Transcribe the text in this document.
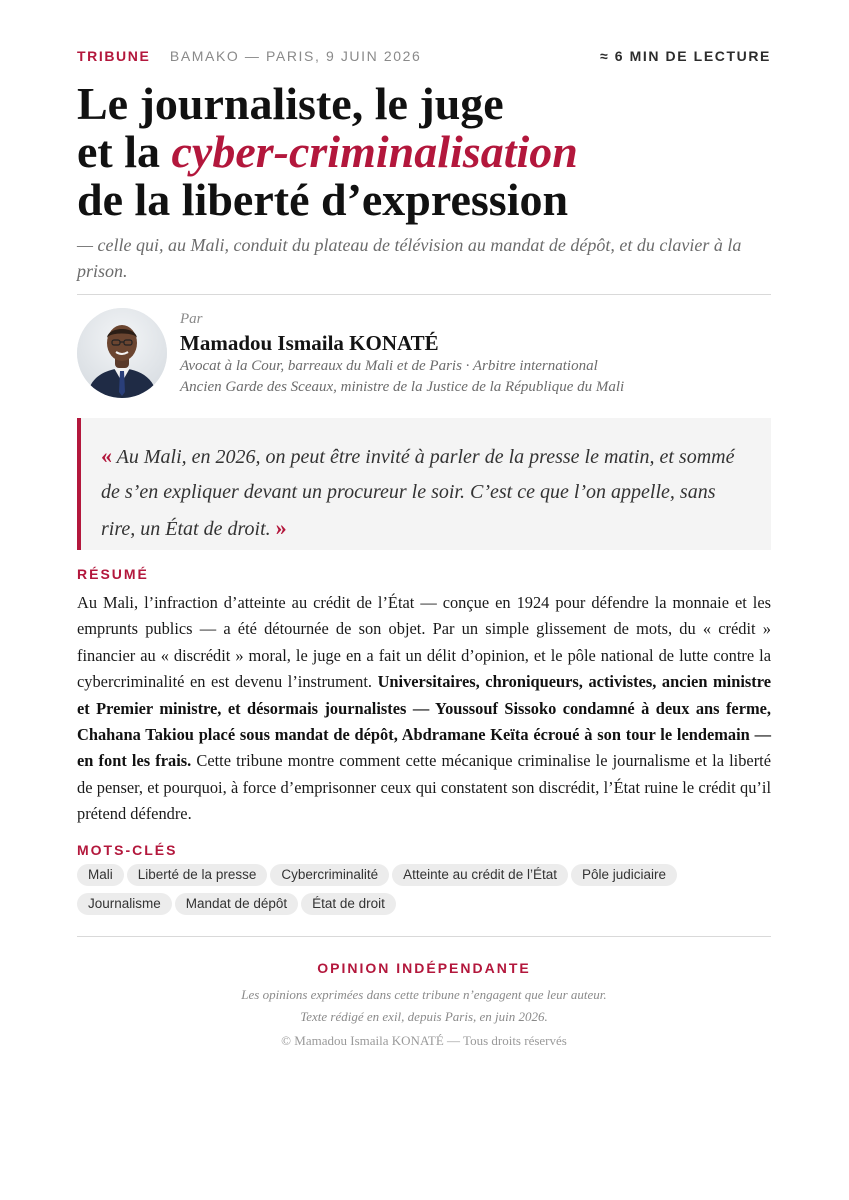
TRIBUNE BAMAKO — PARIS, 9 JUIN 2026	≈ 6 MIN DE LECTURE
Le journaliste, le juge
et la cyber-criminalisation
de la liberté d’expression
— celle qui, au Mali, conduit du plateau de télévision au mandat de dépôt, et du clavier à la prison.
Par
Mamadou Ismaila KONATÉ
Avocat à la Cour, barreaux du Mali et de Paris · Arbitre international
Ancien Garde des Sceaux, ministre de la Justice de la République du Mali
« Au Mali, en 2026, on peut être invité à parler de la presse le matin, et sommé de s’en expliquer devant un procureur le soir. C’est ce que l’on appelle, sans rire, un État de droit. »
RÉSUMÉ
Au Mali, l’infraction d’atteinte au crédit de l’État — conçue en 1924 pour défendre la monnaie et les emprunts publics — a été détournée de son objet. Par un simple glissement de mots, du « crédit » financier au « discrédit » moral, le juge en a fait un délit d’opinion, et le pôle national de lutte contre la cybercriminalité en est devenu l’instrument. Universitaires, chroniqueurs, activistes, ancien ministre et Premier ministre, et désormais journalistes — Youssouf Sissoko condamné à deux ans ferme, Chahana Takiou placé sous mandat de dépôt, Abdramane Keïta écroué à son tour le lendemain — en font les frais. Cette tribune montre comment cette mécanique criminalise le journalisme et la liberté de penser, et pourquoi, à force d’emprisonner ceux qui constatent son discrédit, l’État ruine le crédit qu’il prétend défendre.
MOTS-CLÉS
Mali Liberté de la presse Cybercriminalité Atteinte au crédit de l’État Pôle judiciaire
Journalisme Mandat de dépôt État de droit
OPINION INDÉPENDANTE
Les opinions exprimées dans cette tribune n’engagent que leur auteur.
Texte rédigé en exil, depuis Paris, en juin 2026.
© Mamadou Ismaila KONATÉ — Tous droits réservés
